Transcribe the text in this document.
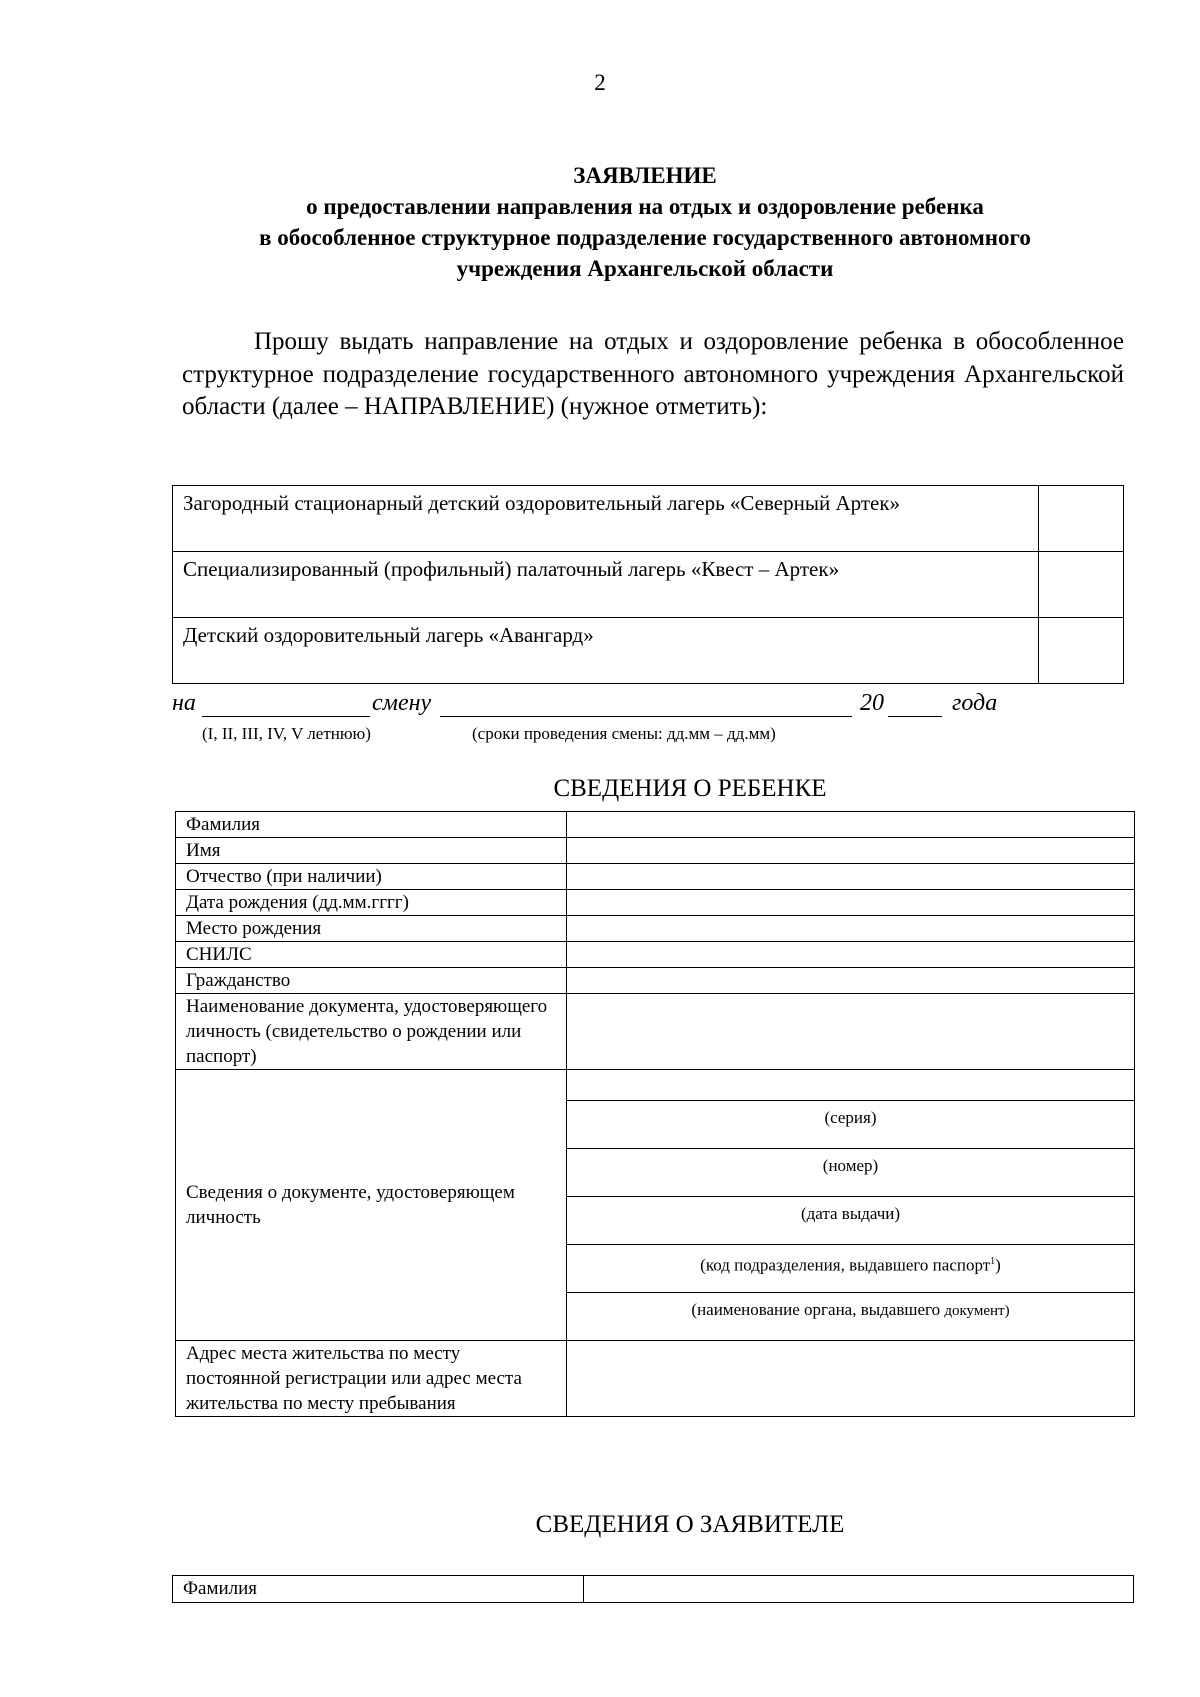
2
ЗАЯВЛЕНИЕ
о предоставлении направления на отдых и оздоровление ребенка
в обособленное структурное подразделение государственного автономного
учреждения Архангельской области
Прошу выдать направление на отдых и оздоровление ребенка в обособленное структурное подразделение государственного автономного учреждения Архангельской области (далее – НАПРАВЛЕНИЕ) (нужное отметить):
Загородный стационарный детский оздоровительный лагерь «Северный Артек»	
Специализированный (профильный) палаточный лагерь «Квест – Артек»	
Детский оздоровительный лагерь «Авангард»	
на	смену	20	года
(I, II, III, IV, V летнюю)	(сроки проведения смены: дд.мм – дд.мм)
СВЕДЕНИЯ О РЕБЕНКЕ
Фамилия	
Имя	
Отчество (при наличии)	
Дата рождения (дд.мм.гггг)	
Место рождения	
СНИЛС	
Гражданство	
Наименование документа, удостоверяющего личность (свидетельство о рождении или паспорт)	
Сведения о документе, удостоверяющем личность	
	(серия)
	(номер)
	(дата выдачи)
	(код подразделения, выдавшего паспорт$^1$)
	(наименование органа, выдавшего документ)
Адрес места жительства по месту постоянной регистрации или адрес места жительства по месту пребывания	
СВЕДЕНИЯ О ЗАЯВИТЕЛЕ
Фамилия	
